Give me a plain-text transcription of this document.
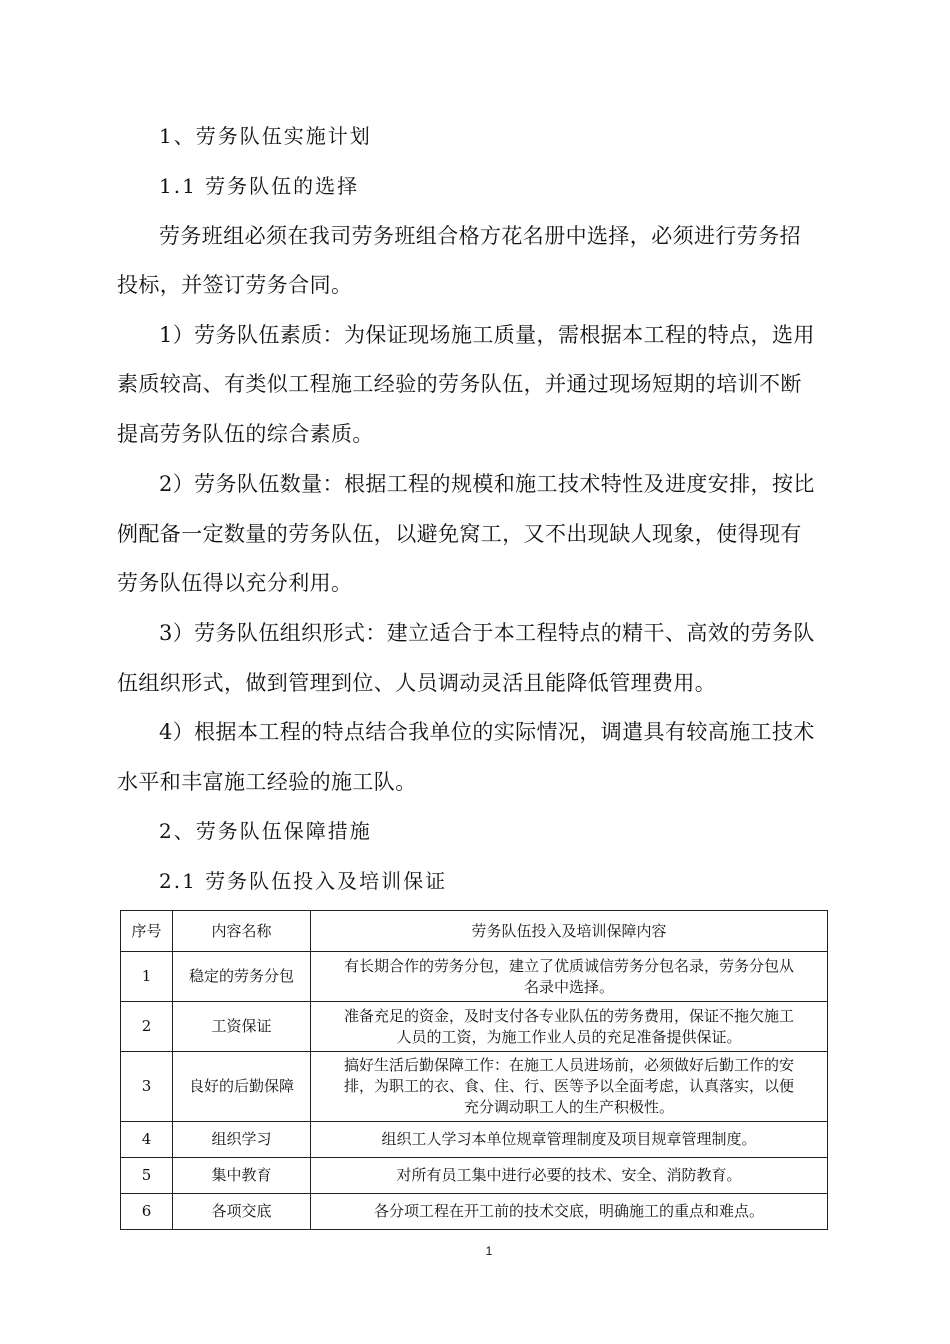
1、劳务队伍实施计划
1.1 劳务队伍的选择
劳务班组必须在我司劳务班组合格方花名册中选择，必须进行劳务招
投标，并签订劳务合同。
1）劳务队伍素质：为保证现场施工质量，需根据本工程的特点，选用
素质较高、有类似工程施工经验的劳务队伍，并通过现场短期的培训不断
提高劳务队伍的综合素质。
2）劳务队伍数量：根据工程的规模和施工技术特性及进度安排，按比
例配备一定数量的劳务队伍，以避免窝工，又不出现缺人现象，使得现有
劳务队伍得以充分利用。
3）劳务队伍组织形式：建立适合于本工程特点的精干、高效的劳务队
伍组织形式，做到管理到位、人员调动灵活且能降低管理费用。
4）根据本工程的特点结合我单位的实际情况，调遣具有较高施工技术
水平和丰富施工经验的施工队。
2、劳务队伍保障措施
2.1 劳务队伍投入及培训保证
序号	内容名称	劳务队伍投入及培训保障内容
1	稳定的劳务分包	有长期合作的劳务分包，建立了优质诚信劳务分包名录，劳务分包从
名录中选择。

2	工资保证	准备充足的资金，及时支付各专业队伍的劳务费用，保证不拖欠施工
人员的工资，为施工作业人员的充足准备提供保证。

3	良好的后勤保障	搞好生活后勤保障工作：在施工人员进场前，必须做好后勤工作的安
排，为职工的衣、食、住、行、医等予以全面考虑，认真落实，以便
充分调动职工人的生产积极性。

4	组织学习	组织工人学习本单位规章管理制度及项目规章管理制度。

5	集中教育	对所有员工集中进行必要的技术、安全、消防教育。

6	各项交底	各分项工程在开工前的技术交底，明确施工的重点和难点。
1
